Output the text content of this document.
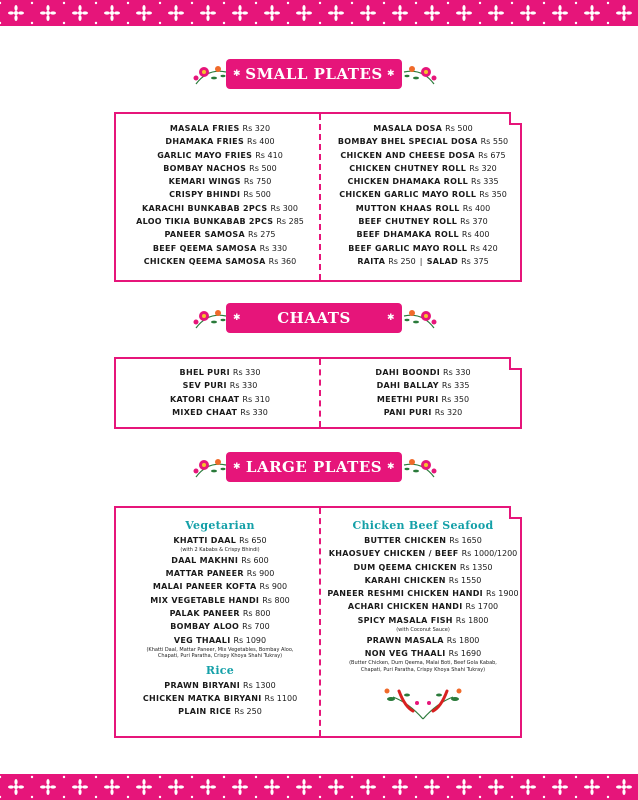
✱ SMALL PLATES ✱
MASALA FRIES Rs 320
DHAMAKA FRIES Rs 400
GARLIC MAYO FRIES Rs 410
BOMBAY NACHOS Rs 500
KEMARI WINGS Rs 750
CRISPY BHINDI Rs 500
KARACHI BUNKABAB 2PCS Rs 300
ALOO TIKIA BUNKABAB 2PCS Rs 285
PANEER SAMOSA Rs 275
BEEF QEEMA SAMOSA Rs 330
CHICKEN QEEMA SAMOSA Rs 360
MASALA DOSA Rs 500
BOMBAY BHEL SPECIAL DOSA Rs 550
CHICKEN AND CHEESE DOSA Rs 675
CHICKEN CHUTNEY ROLL Rs 320
CHICKEN DHAMAKA ROLL Rs 335
CHICKEN GARLIC MAYO ROLL Rs 350
MUTTON KHAAS ROLL Rs 400
BEEF CHUTNEY ROLL Rs 370
BEEF DHAMAKA ROLL Rs 400
BEEF GARLIC MAYO ROLL Rs 420
RAITA Rs 250 | SALAD Rs 375
✱ CHAATS	✱
BHEL PURI Rs 330
SEV PURI Rs 330
KATORI CHAAT Rs 310
MIXED CHAAT Rs 330
DAHI BOONDI Rs 330
DAHI BALLAY Rs 335
MEETHI PURI Rs 350
PANI PURI Rs 320
✱ LARGE PLATES ✱
Vegetarian
KHATTI DAAL Rs 650
(with 2 Kababs & Crispy Bhindi)
DAAL MAKHNI Rs 600
MATTAR PANEER Rs 900
MALAI PANEER KOFTA Rs 900
MIX VEGETABLE HANDI Rs 800
PALAK PANEER Rs 800
BOMBAY ALOO Rs 700
VEG THAALI Rs 1090
(Khatti Daal, Mattar Paneer, Mix Vegetables, Bombay Aloo,
Chapati, Puri Paratha, Crispy Khoya Shahi Tukray)
Rice
PRAWN BIRYANI Rs 1300
CHICKEN MATKA BIRYANI Rs 1100
PLAIN RICE Rs 250
Chicken Beef Seafood
BUTTER CHICKEN Rs 1650
KHAOSUEY CHICKEN / BEEF Rs 1000/1200
DUM QEEMA CHICKEN Rs 1350
KARAHI CHICKEN Rs 1550
PANEER RESHMI CHICKEN HANDI Rs 1900
ACHARI CHICKEN HANDI Rs 1700
SPICY MASALA FISH Rs 1800
(with Coconut Sauce)
PRAWN MASALA Rs 1800
NON VEG THAALI Rs 1690
(Butter Chicken, Dum Qeema, Malai Boti, Beef Gola Kabab,
Chapati, Puri Paratha, Crispy Khoya Shahi Tukray)
